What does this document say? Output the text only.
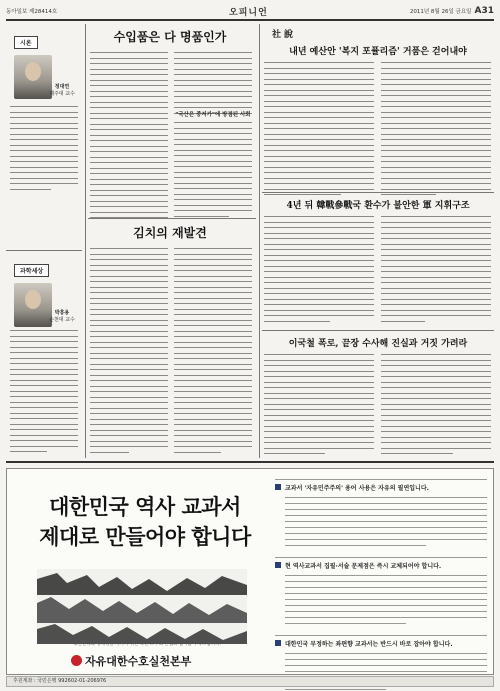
동아일보 제28414호	오피니언	2011년 8월 26일 금요일 A31
시론
정대연
제주대 교수
과학세상
박흥용
순천대 교수
수입품은 다 명품인가
"국산은 중저가"에 방점된 사회
김치의 재발견
社說
내년 예산안 '복지 포퓰리즘' 거품은 걷어내야
4년 뒤 韓戰參戰국 환수가 불안한 軍 지휘구조
이국철 폭로, 끝장 수사해 진실과 거짓 가려라
대한민국 역사 교과서
제대로 만들어야 합니다
대한민국의 정체성을 지키기 위한 국민 모두의 관심과 참여를 부탁드립니다.
자유대한수호실천본부
교과서 '자유민주주의' 용어 사용은 자유의 필연입니다.
현 역사교과서 집필·서술 문제점은 즉시 교체되어야 합니다.
대한민국 부정하는 좌편향 교과서는 반드시 바로 잡아야 합니다.
후원계좌 : 국민은행 992602-01-206976
